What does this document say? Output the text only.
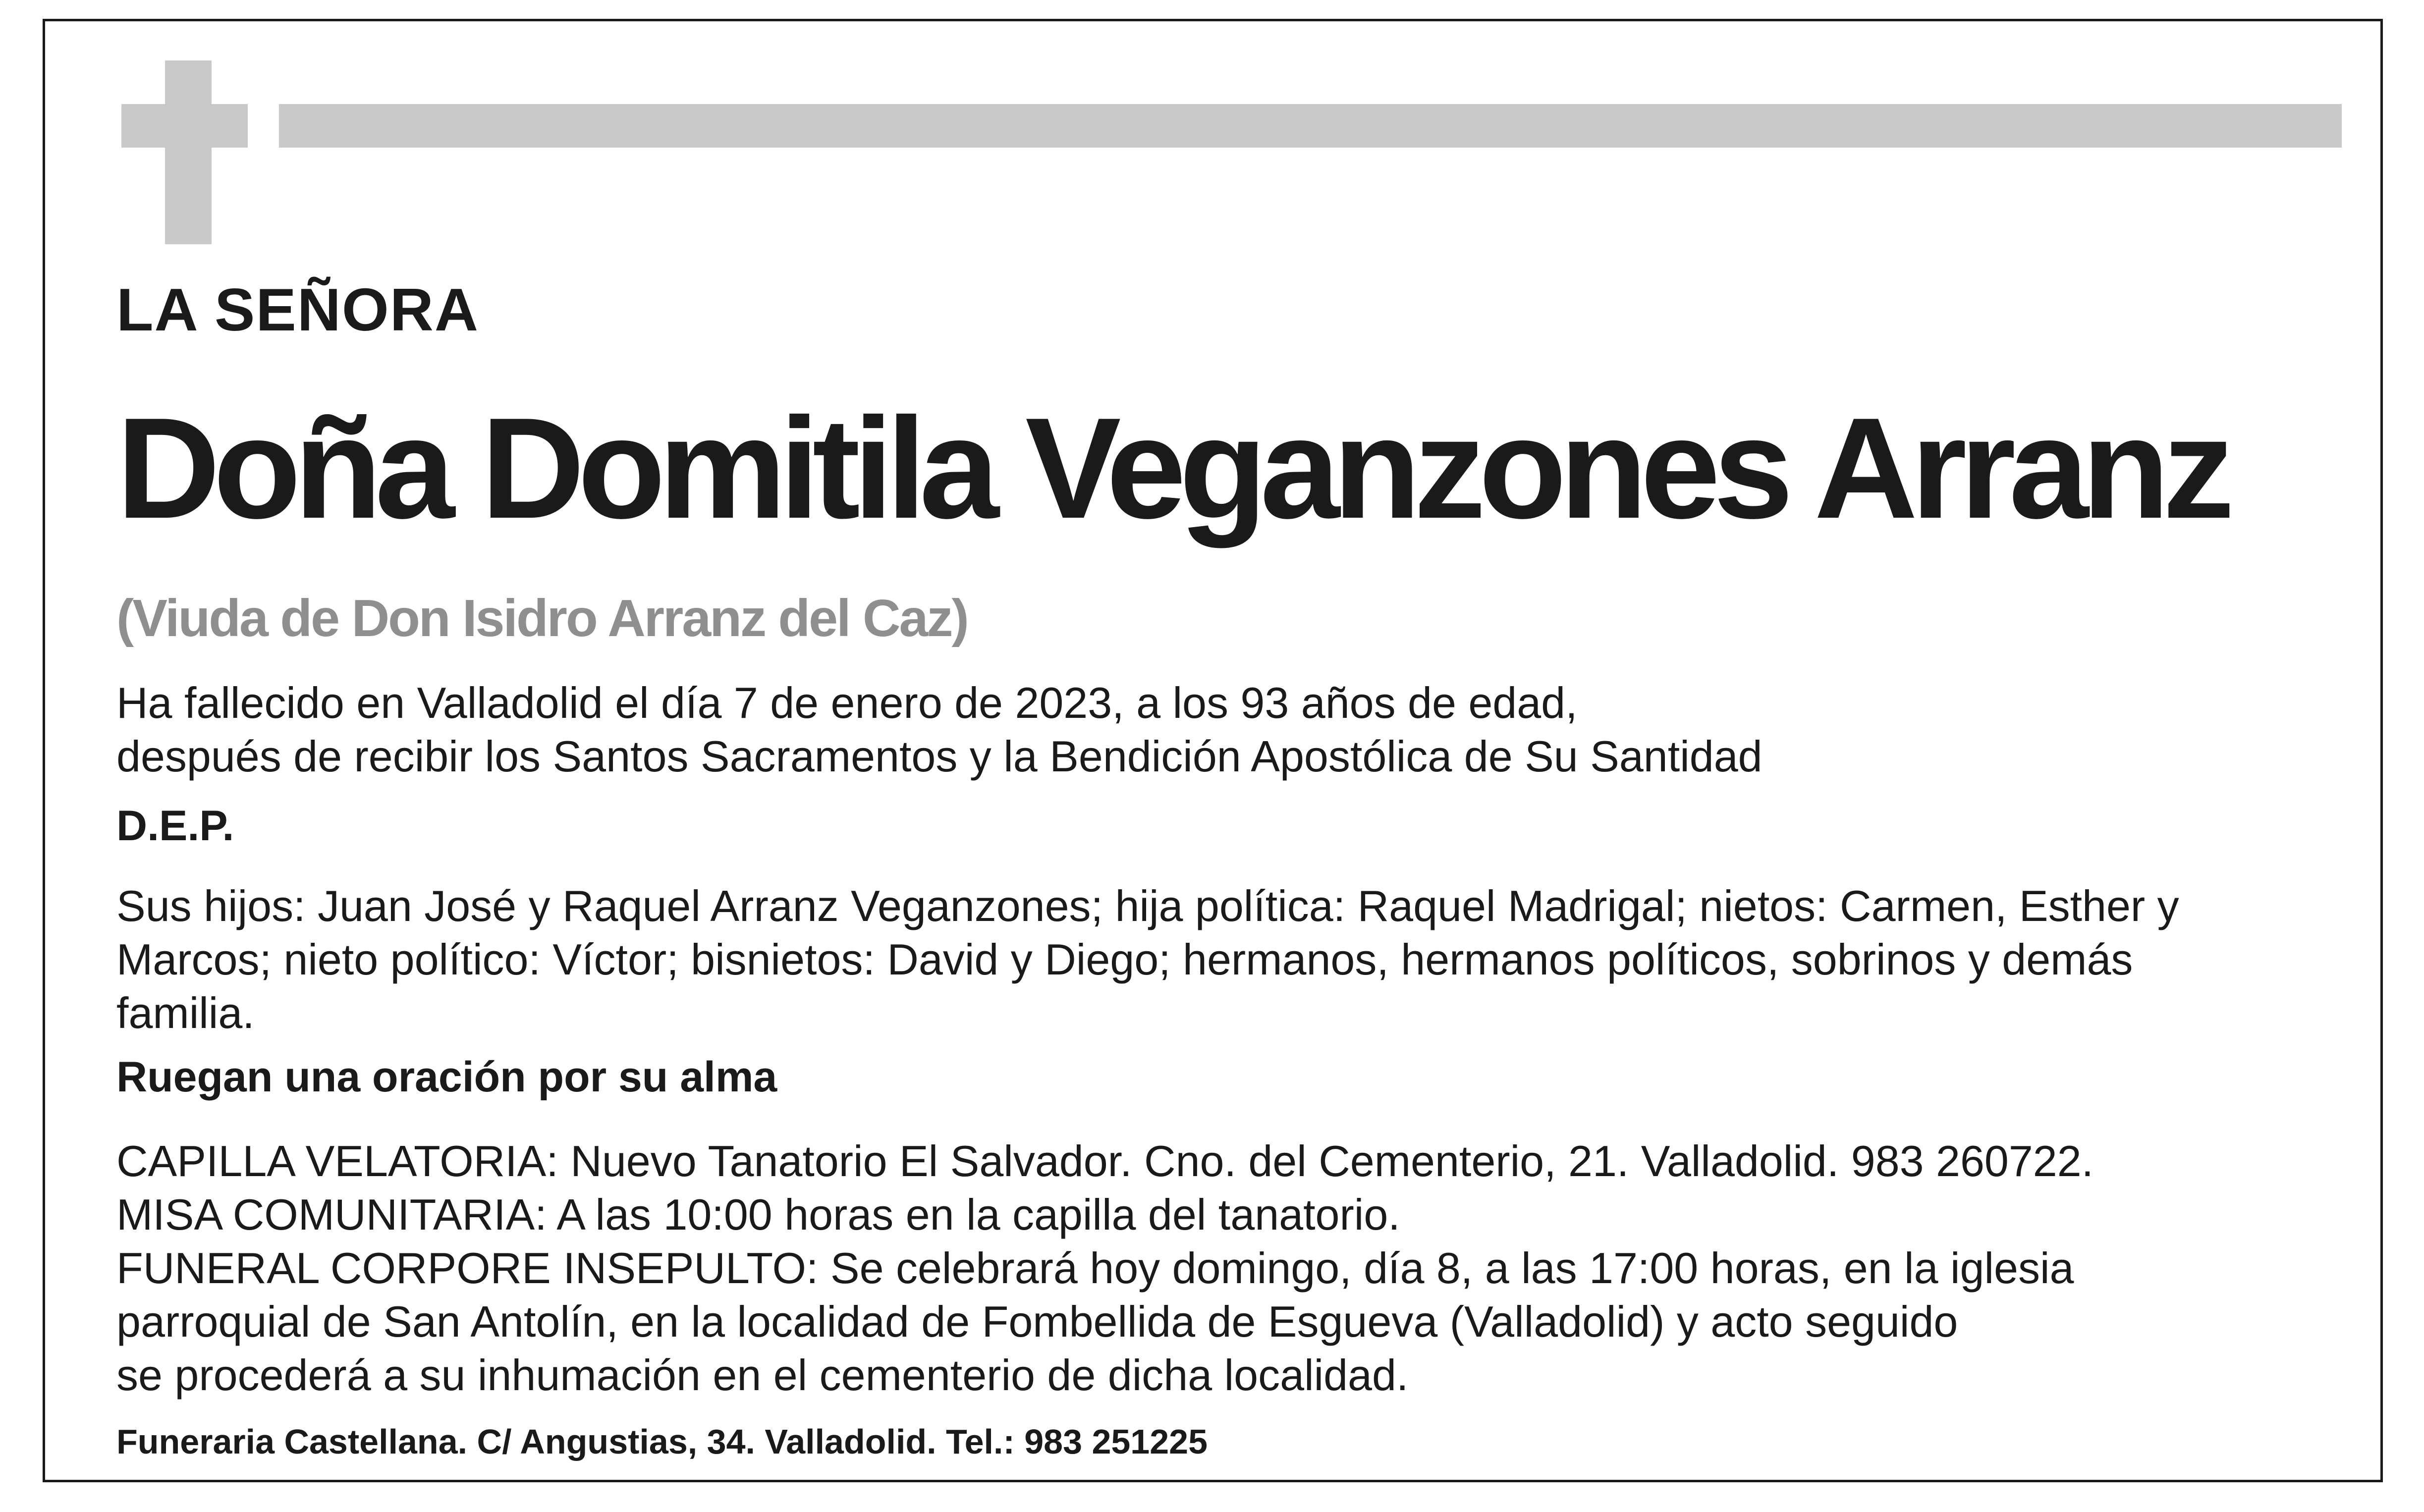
LA SEÑORA

Doña Domitila Veganzones Arranz

(Viuda de Don Isidro Arranz del Caz)

Ha fallecido en Valladolid el día 7 de enero de 2023, a los 93 años de edad,
después de recibir los Santos Sacramentos y la Bendición Apostólica de Su Santidad

D.E.P.

Sus hijos: Juan José y Raquel Arranz Veganzones; hija política: Raquel Madrigal; nietos: Carmen, Esther y
Marcos; nieto político: Víctor; bisnietos: David y Diego; hermanos, hermanos políticos, sobrinos y demás
familia.

Ruegan una oración por su alma

CAPILLA VELATORIA: Nuevo Tanatorio El Salvador. Cno. del Cementerio, 21. Valladolid. 983 260722.
MISA COMUNITARIA: A las 10:00 horas en la capilla del tanatorio.
FUNERAL CORPORE INSEPULTO: Se celebrará hoy domingo, día 8, a las 17:00 horas, en la iglesia
parroquial de San Antolín, en la localidad de Fombellida de Esgueva (Valladolid) y acto seguido
se procederá a su inhumación en el cementerio de dicha localidad.

Funeraria Castellana. C/ Angustias, 34. Valladolid. Tel.: 983 251225
